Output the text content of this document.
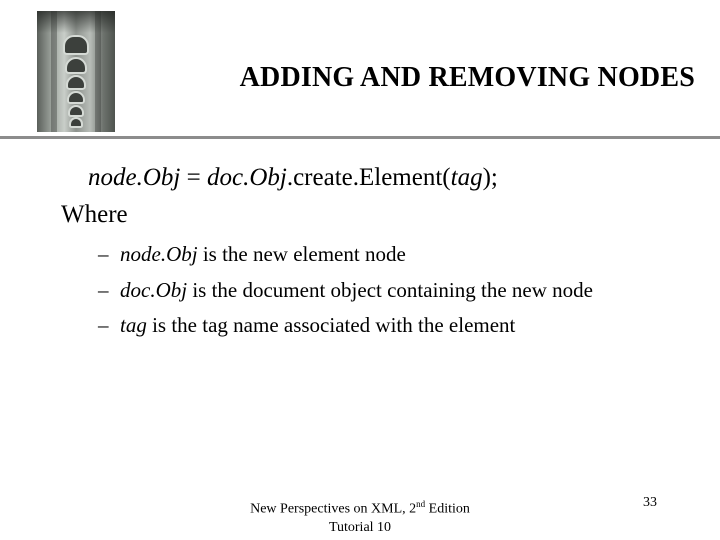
ADDING AND REMOVING NODES
node.Obj = doc.Obj.create.Element(tag);
Where
– node.Obj is the new element node
– doc.Obj is the document object containing the new node
– tag is the tag name associated with the element
New Perspectives on XML, 2nd Edition
Tutorial 10
33
